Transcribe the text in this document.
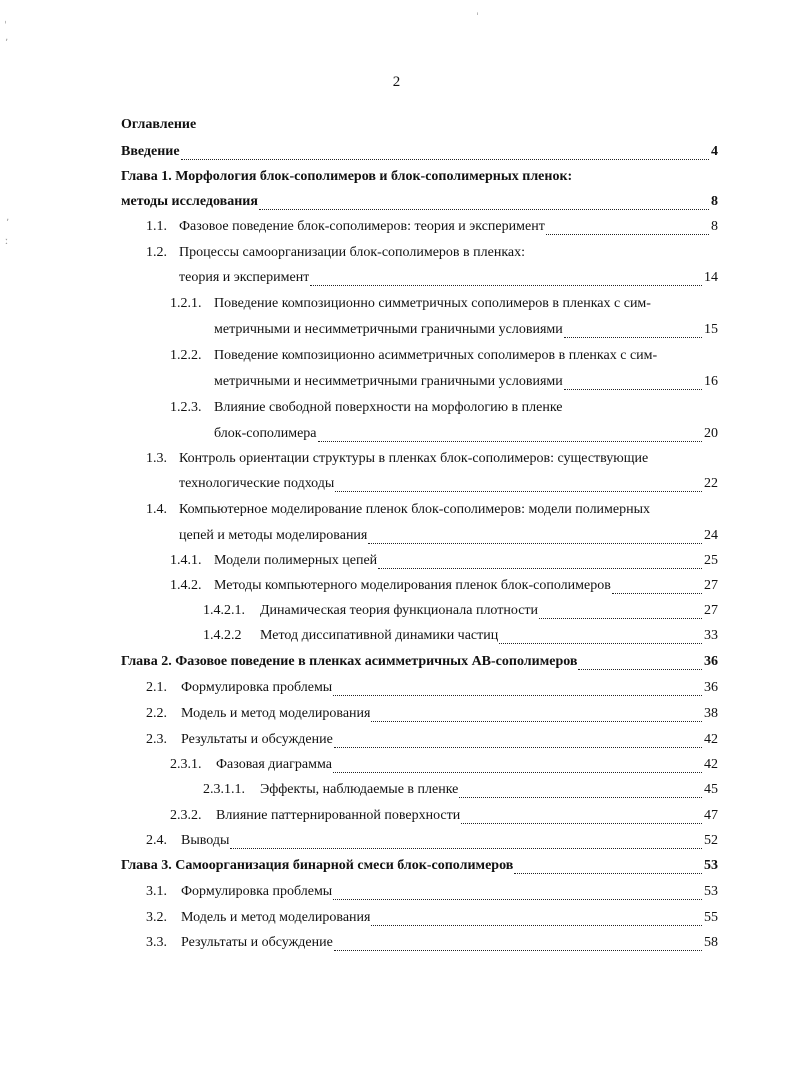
ˌ
ʼ
ˈ
ʼ
ː
2
Оглавление
Введение	4
Глава 1. Морфология блок-сополимеров и блок-сополимерных пленок:
методы исследования	8
1.1. Фазовое поведение блок-сополимеров: теория и эксперимент	8
1.2. Процессы самоорганизации блок-сополимеров в пленках:
теория и эксперимент	14
1.2.1. Поведение композиционно симметричных сополимеров в пленках с сим-
метричными и несимметричными граничными условиями	15
1.2.2. Поведение композиционно асимметричных сополимеров в пленках с сим-
метричными и несимметричными граничными условиями	16
1.2.3. Влияние свободной поверхности на морфологию в пленке
блок-сополимера	20
1.3. Контроль ориентации структуры в пленках блок-сополимеров: существующие
технологические подходы	22
1.4. Компьютерное моделирование пленок блок-сополимеров: модели полимерных
цепей и методы моделирования	24
1.4.1. Модели полимерных цепей	25
1.4.2. Методы компьютерного моделирования пленок блок-сополимеров	27
1.4.2.1.	Динамическая теория функционала плотности	27
1.4.2.2	Метод диссипативной динамики частиц	33
Глава 2. Фазовое поведение в пленках асимметричных АВ-сополимеров	36
2.1.	Формулировка проблемы	36
2.2.	Модель и метод моделирования	38
2.3.	Результаты и обсуждение	42
2.3.1.	Фазовая диаграмма	42
2.3.1.1.	Эффекты, наблюдаемые в пленке	45
2.3.2.	Влияние паттернированной поверхности	47
2.4.	Выводы	52
Глава 3. Самоорганизация бинарной смеси блок-сополимеров	53
3.1.	Формулировка проблемы	53
3.2.	Модель и метод моделирования	55
3.3.	Результаты и обсуждение	58
